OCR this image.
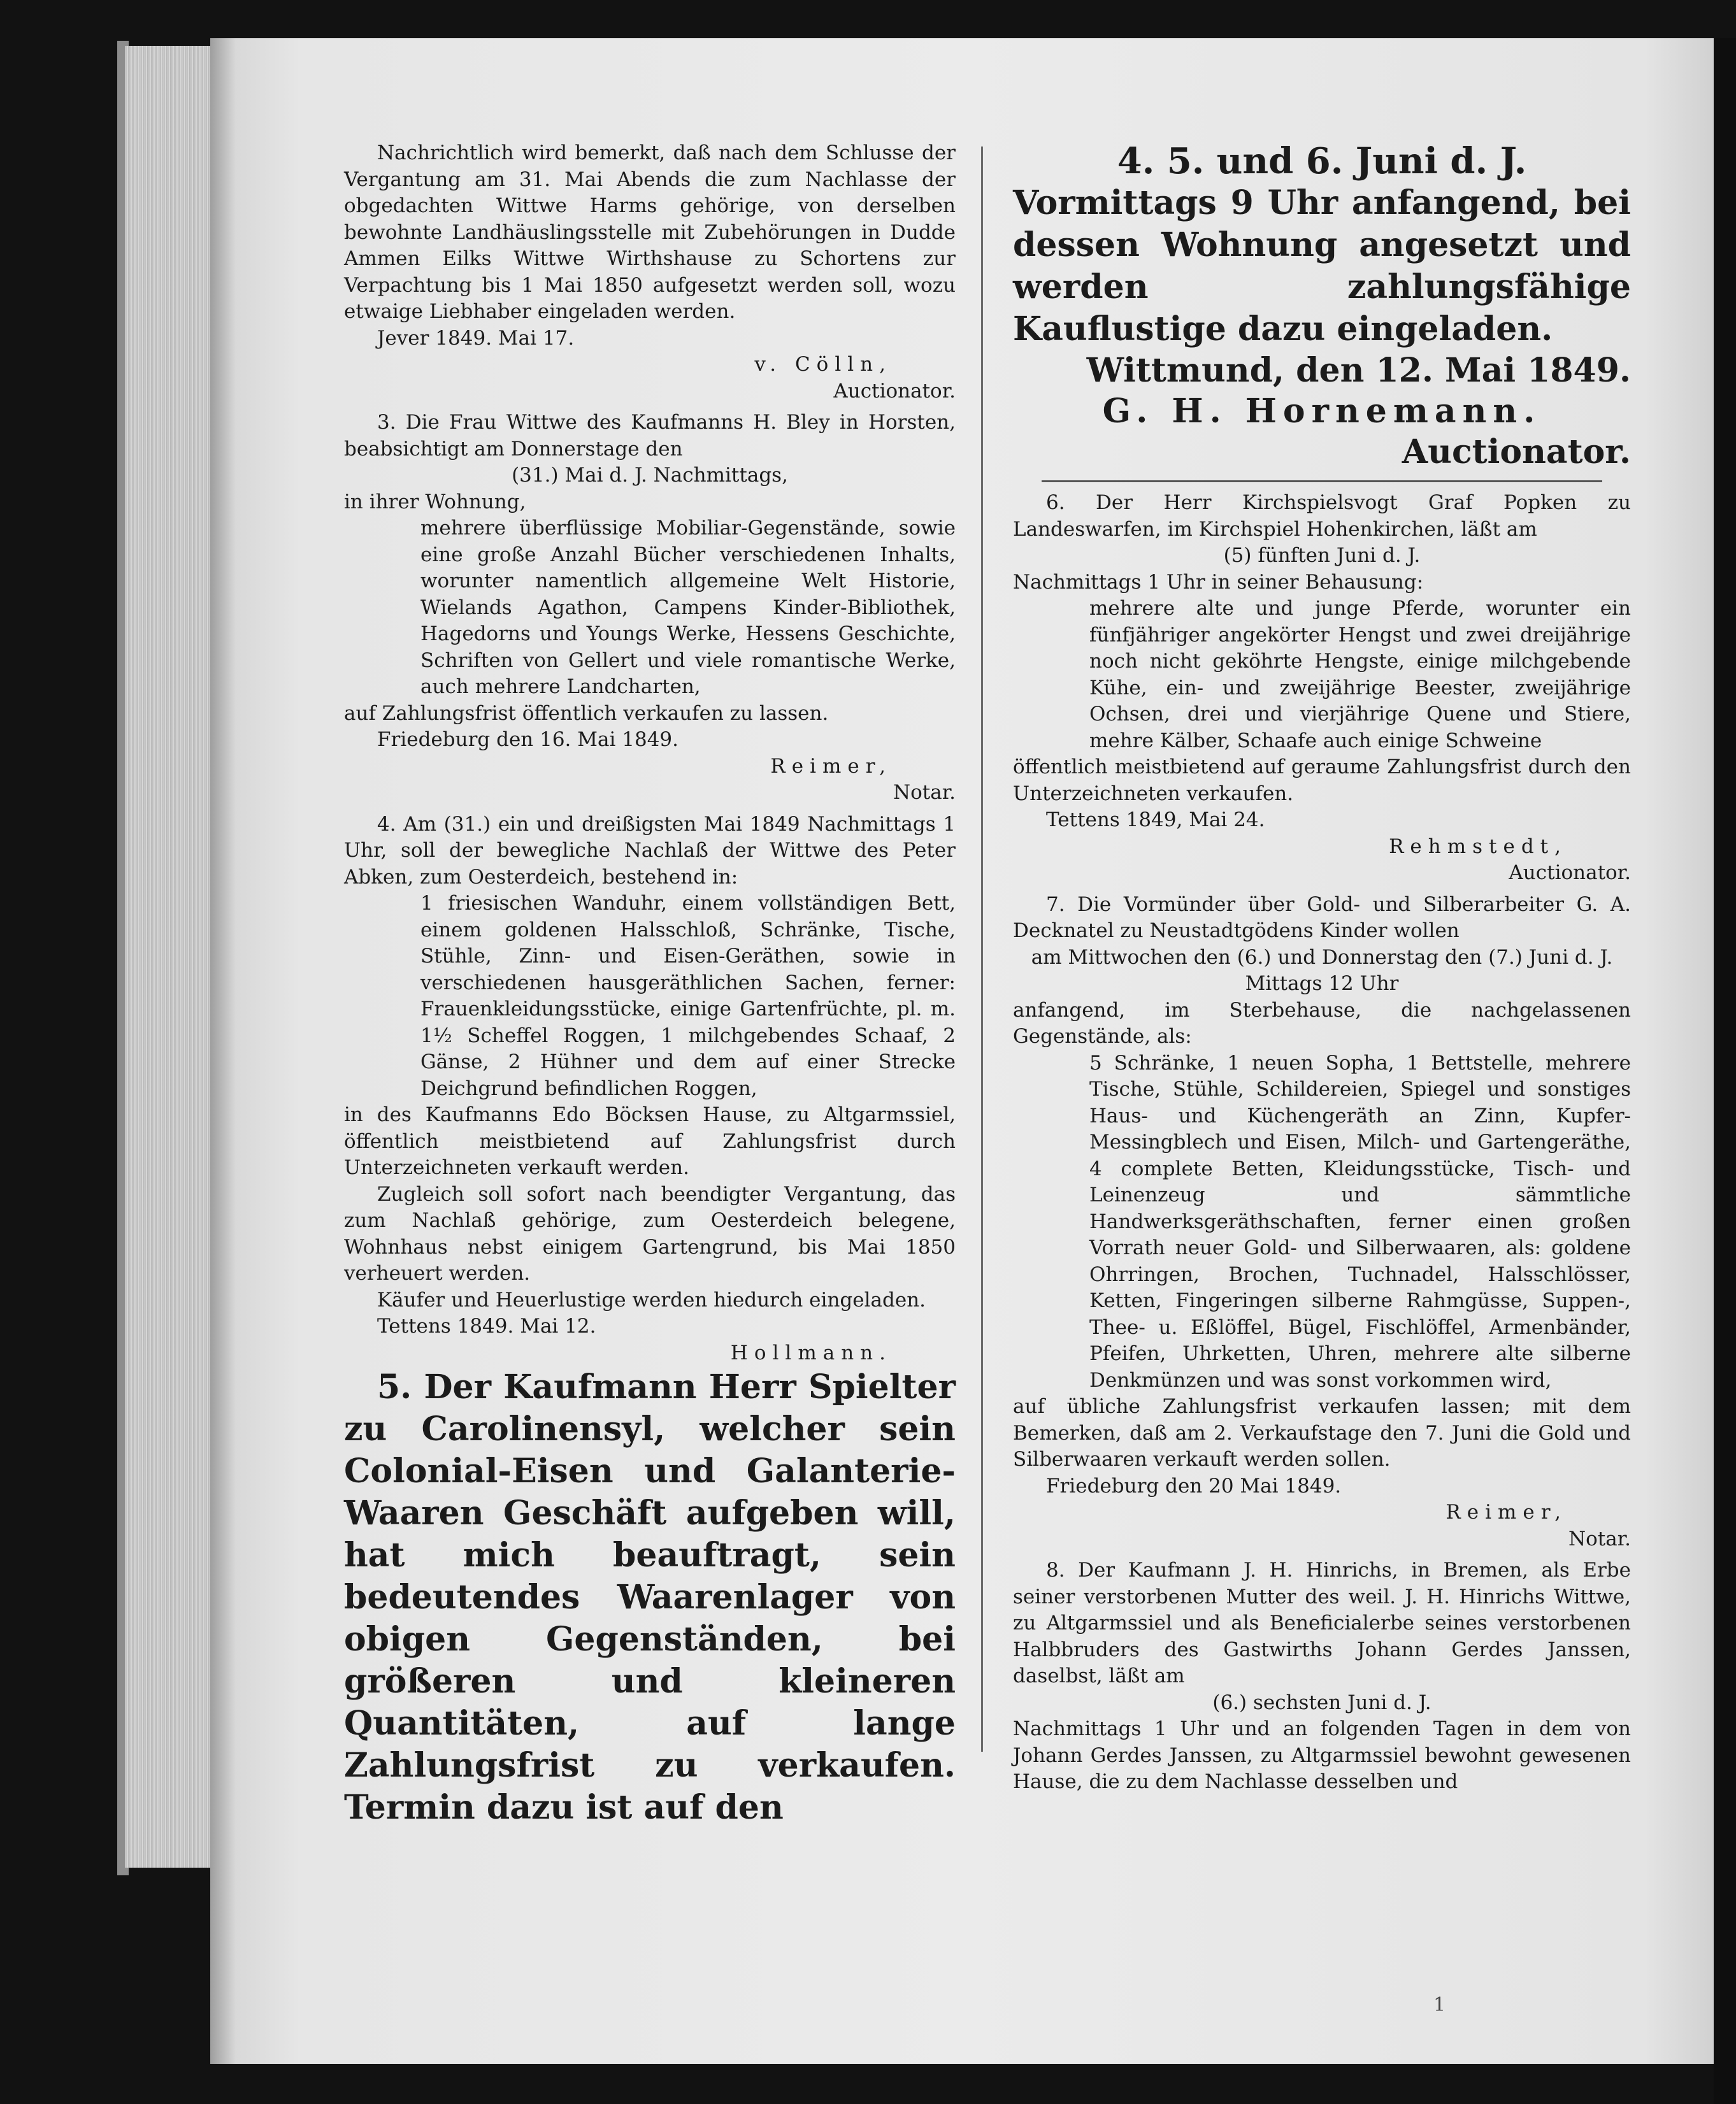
Nachrichtlich wird bemerkt, daß nach dem Schlusse der Vergantung am 31. Mai Abends die zum Nachlasse der obgedachten Wittwe Harms gehörige, von derselben bewohnte Landhäuslingsstelle mit Zubehörungen in Dudde Ammen Eilks Wittwe Wirthshause zu Schortens zur Verpachtung bis 1 Mai 1850 aufgesetzt werden soll, wozu etwaige Liebhaber eingeladen werden.

Jever 1849. Mai 17.

v. Cölln,

Auctionator.

3. Die Frau Wittwe des Kaufmanns H. Bley in Horsten, beabsichtigt am Donnerstage den

(31.) Mai d. J. Nachmittags,

in ihrer Wohnung,

mehrere überflüssige Mobiliar-Gegenstände, sowie eine große Anzahl Bücher verschiedenen Inhalts, worunter namentlich allgemeine Welt Historie, Wielands Agathon, Campens Kinder-Bibliothek, Hagedorns und Youngs Werke, Hessens Geschichte, Schriften von Gellert und viele romantische Werke, auch mehrere Landcharten,

auf Zahlungsfrist öffentlich verkaufen zu lassen.

Friedeburg den 16. Mai 1849.

Reimer,

Notar.

4. Am (31.) ein und dreißigsten Mai 1849 Nachmittags 1 Uhr, soll der bewegliche Nachlaß der Wittwe des Peter Abken, zum Oesterdeich, bestehend in:

1 friesischen Wanduhr, einem vollständigen Bett, einem goldenen Halsschloß, Schränke, Tische, Stühle, Zinn- und Eisen-Geräthen, sowie in verschiedenen hausgeräthlichen Sachen, ferner: Frauenkleidungsstücke, einige Gartenfrüchte, pl. m. 1½ Scheffel Roggen, 1 milchgebendes Schaaf, 2 Gänse, 2 Hühner und dem auf einer Strecke Deichgrund befindlichen Roggen,

in des Kaufmanns Edo Böcksen Hause, zu Altgarmssiel, öffentlich meistbietend auf Zahlungsfrist durch Unterzeichneten verkauft werden.

Zugleich soll sofort nach beendigter Vergantung, das zum Nachlaß gehörige, zum Oesterdeich belegene, Wohnhaus nebst einigem Gartengrund, bis Mai 1850 verheuert werden.

Käufer und Heuerlustige werden hiedurch eingeladen.

Tettens 1849. Mai 12.

Hollmann.

5. Der Kaufmann Herr Spielter zu Carolinensyl, welcher sein Colonial-Eisen und Galanterie-Waaren Geschäft aufgeben will, hat mich beauftragt, sein bedeutendes Waarenlager von obigen Gegenständen, bei größeren und kleineren Quantitäten, auf lange Zahlungsfrist zu verkaufen. Termin dazu ist auf den

4. 5. und 6. Juni d. J.

Vormittags 9 Uhr anfangend, bei dessen Wohnung angesetzt und werden zahlungsfähige Kauflustige dazu eingeladen.

Wittmund, den 12. Mai 1849.

G. H. Hornemann.

Auctionator.

6. Der Herr Kirchspielsvogt Graf Popken zu Landeswarfen, im Kirchspiel Hohenkirchen, läßt am

(5) fünften Juni d. J.

Nachmittags 1 Uhr in seiner Behausung:

mehrere alte und junge Pferde, worunter ein fünfjähriger angekörter Hengst und zwei dreijährige noch nicht geköhrte Hengste, einige milchgebende Kühe, ein- und zweijährige Beester, zweijährige Ochsen, drei und vierjährige Quene und Stiere, mehre Kälber, Schaafe auch einige Schweine

öffentlich meistbietend auf geraume Zahlungsfrist durch den Unterzeichneten verkaufen.

Tettens 1849, Mai 24.

Rehmstedt,

Auctionator.

7. Die Vormünder über Gold- und Silberarbeiter G. A. Decknatel zu Neustadtgödens Kinder wollen

am Mittwochen den (6.) und Donnerstag den (7.) Juni d. J. Mittags 12 Uhr

anfangend, im Sterbehause, die nachgelassenen Gegenstände, als:

5 Schränke, 1 neuen Sopha, 1 Bettstelle, mehrere Tische, Stühle, Schildereien, Spiegel und sonstiges Haus- und Küchengeräth an Zinn, Kupfer-Messingblech und Eisen, Milch- und Gartengeräthe, 4 complete Betten, Kleidungsstücke, Tisch- und Leinenzeug und sämmtliche Handwerksgeräthschaften, ferner einen großen Vorrath neuer Gold- und Silberwaaren, als: goldene Ohrringen, Brochen, Tuchnadel, Halsschlösser, Ketten, Fingeringen silberne Rahmgüsse, Suppen-, Thee- u. Eßlöffel, Bügel, Fischlöffel, Armenbänder, Pfeifen, Uhrketten, Uhren, mehrere alte silberne Denkmünzen und was sonst vorkommen wird,

auf übliche Zahlungsfrist verkaufen lassen; mit dem Bemerken, daß am 2. Verkaufstage den 7. Juni die Gold und Silberwaaren verkauft werden sollen.

Friedeburg den 20 Mai 1849.

Reimer,

Notar.

8. Der Kaufmann J. H. Hinrichs, in Bremen, als Erbe seiner verstorbenen Mutter des weil. J. H. Hinrichs Wittwe, zu Altgarmssiel und als Beneficialerbe seines verstorbenen Halbbruders des Gastwirths Johann Gerdes Janssen, daselbst, läßt am

(6.) sechsten Juni d. J.

Nachmittags 1 Uhr und an folgenden Tagen in dem von Johann Gerdes Janssen, zu Altgarmssiel bewohnt gewesenen Hause, die zu dem Nachlasse desselben und

1
